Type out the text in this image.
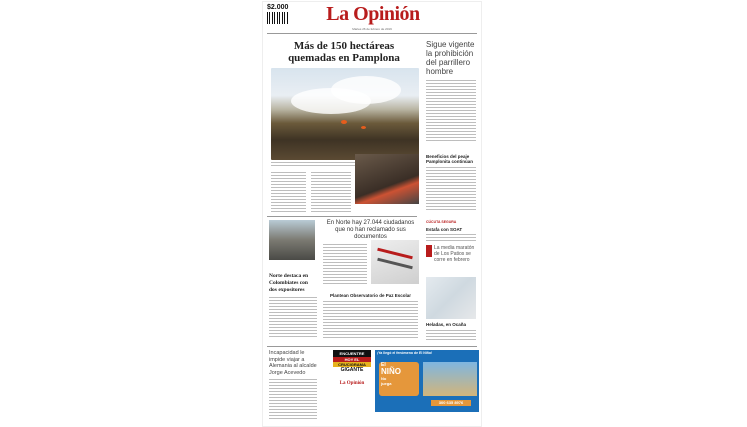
$2.000	La Opinión
Martes 26 de febrero de 2019
Más de 150 hectáreas quemadas en Pamplona
Sigue vigente la prohibición del parrillero hombre
Beneficios del peaje Pamplonita continúan
Norte destaca en Colombiates con dos expositores
En Norte hay 27.044 ciudadanos que no han reclamado sus documentos
Plantean Observatorio de Paz Escolar
CÚCUTA SEGURA
Estafa con SOAT
La media maratón de Los Patios se corre en febrero
Heladas, en Ocaña
Incapacidad le impide viajar a Alemania al alcalde Jorge Acevedo
ENCUENTRE
HOY EL
CRUCIGRAMA
GIGANTE
La Opinión
¡Ya llegó el fenómeno de El Niño!
El
NIÑO
No
juega
300 635 8976
